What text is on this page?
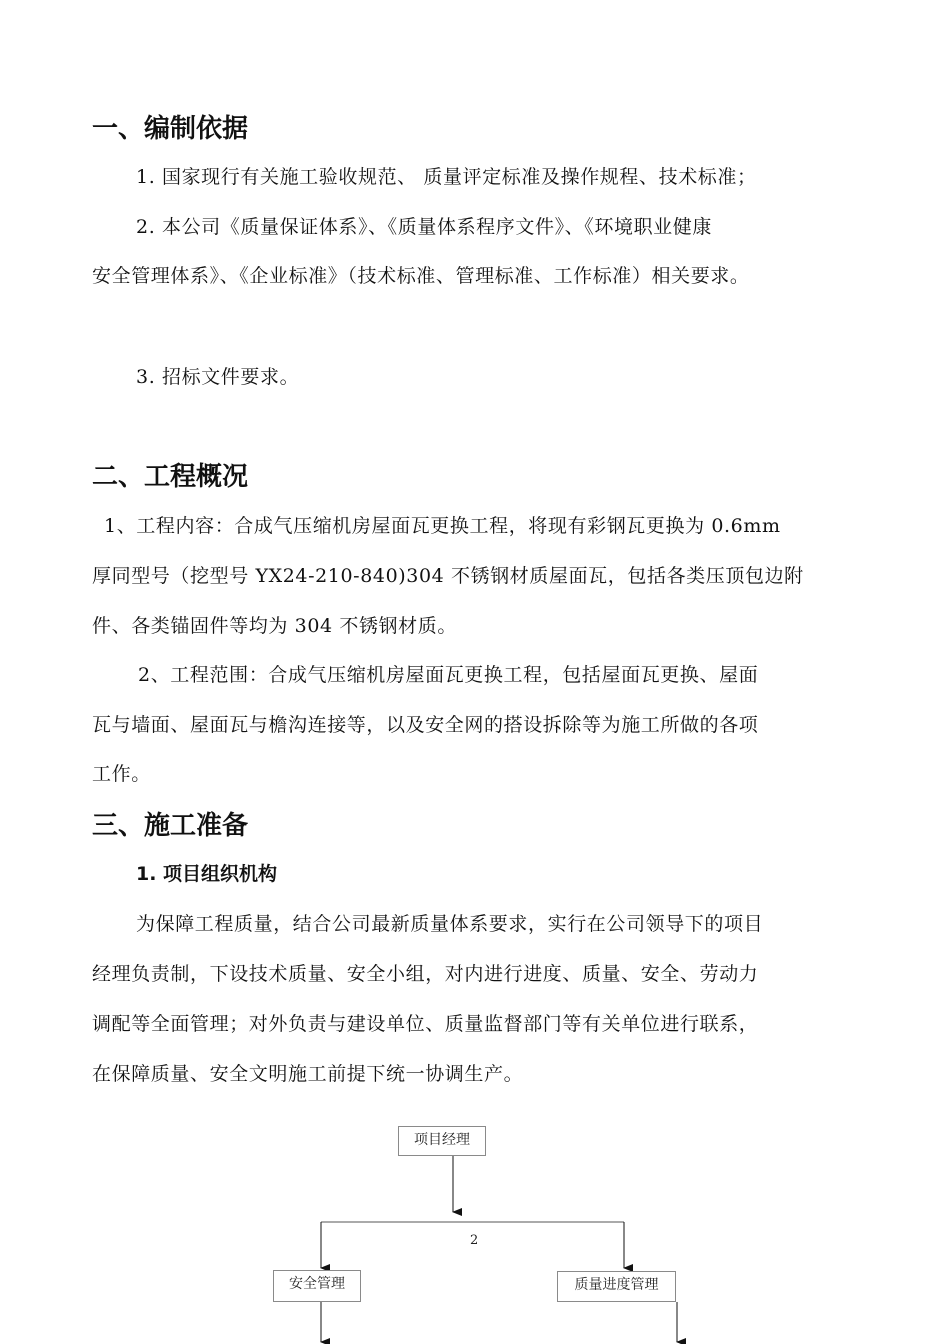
一、编制依据
1. 国家现行有关施工验收规范、 质量评定标准及操作规程、技术标准；
2. 本公司《质量保证体系》、《质量体系程序文件》、《环境职业健康
安全管理体系》、《企业标准》（技术标准、管理标准、工作标准）相关要求。
3. 招标文件要求。
二、工程概况
1、工程内容：合成气压缩机房屋面瓦更换工程，将现有彩钢瓦更换为 0.6mm
厚同型号（挖型号 YX24-210-840)304 不锈钢材质屋面瓦，包括各类压顶包边附
件、各类锚固件等均为 304 不锈钢材质。
2、工程范围：合成气压缩机房屋面瓦更换工程，包括屋面瓦更换、屋面
瓦与墙面、屋面瓦与檐沟连接等，以及安全网的搭设拆除等为施工所做的各项
工作。
三、施工准备
1. 项目组织机构
为保障工程质量，结合公司最新质量体系要求，实行在公司领导下的项目
经理负责制，下设技术质量、安全小组，对内进行进度、质量、安全、劳动力
调配等全面管理；对外负责与建设单位、质量监督部门等有关单位进行联系，
在保障质量、安全文明施工前提下统一协调生产。
项目经理
安全管理	质量进度管理
2
